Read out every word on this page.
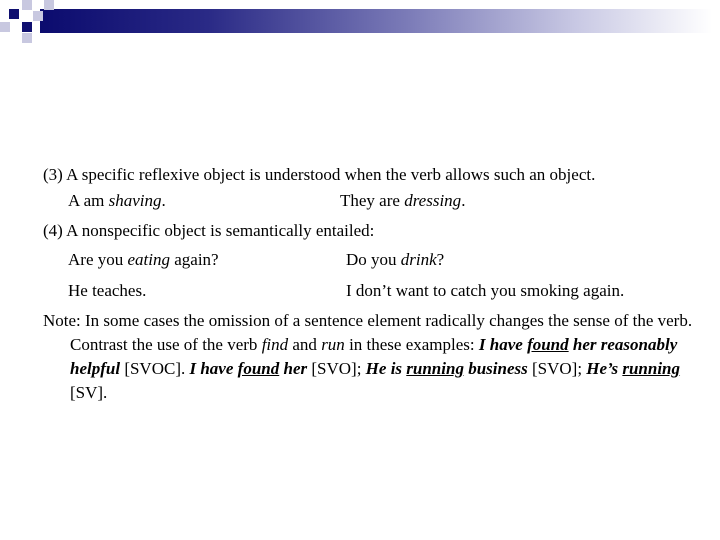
(3) A specific reflexive object is understood when the verb allows such an object.

A am shaving.	They are dressing.

(4) A nonspecific object is semantically entailed:

Are you eating again?	Do you drink?
He teaches.	I don’t want to catch you smoking again.

Note: In some cases the omission of a sentence element radically changes the sense of the verb. Contrast the use of the verb find and run in these examples: I have found her reasonably helpful [SVOC]. I have found her [SVO]; He is running business [SVO]; He’s running [SV].
